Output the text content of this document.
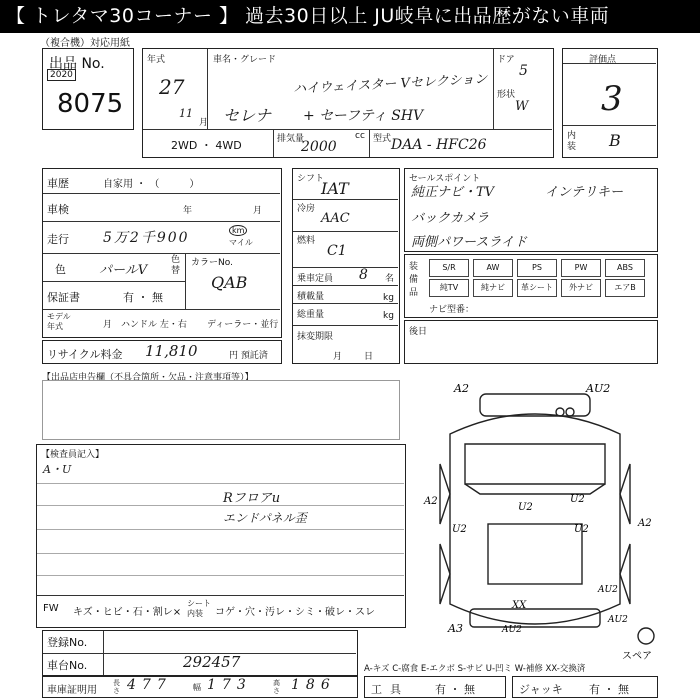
【 トレタマ30コーナー 】 過去30日以上 JU岐阜に出品歴がない車両
（複合機）対応用紙
出品 No.
2020
8075
年式
27
11
月
車名・グレード
セレナ
ハイウェイスター Vセレクション
+ セーフティ SHV
ドア
5
形状
W
2WD ・ 4WD	排気量	cc
2000	型式 DAA - HFC26
評価点
3
内装 B
車歴	自家用 ・ （　　　）
車検	年	月
走行 5万2千900	km
マイル
色	パールV
色替
カラーNo.
QAB
保証書	有 ・ 無
モデル年式	月 ハンドル 左・右 ディーラー・並行
リサイクル料金 11,810	円 預託済
シフト
IAT
冷房
AAC
燃料
C1
乗車定員 8 名
積載量	kg
総重量	kg
抹変期限
月日
セールスポイント
純正ナビ・TV	インテリキー
バックカメラ
両側パワースライド
装備品
S/R	AW	PS	PW	ABS
純TV	純ナビ	革シート	外ナビ	エアB
ナビ型番：
後日
【出品店申告欄（不具合箇所・欠品・注意事項等）】
【検査員記入】
A・U
Rフロアu
エンドパネル歪
FW キズ・ヒビ・石・割レ×
シート内装	コゲ・穴・汚レ・シミ・破レ・スレ
登録No.
車台No.	292457
車庫証明用
長さ 477	幅 173	高さ 186	工具 有 ・ 無	ジャッキ 有 ・ 無
A2	AU2
U2
A2	U2
U2	U2
A2
AU2
A3
XX
AU2
AU2
スペア
A-キズ C-腐食 E-エクボ S-サビ U-凹ミ W-補修 XX-交換済
